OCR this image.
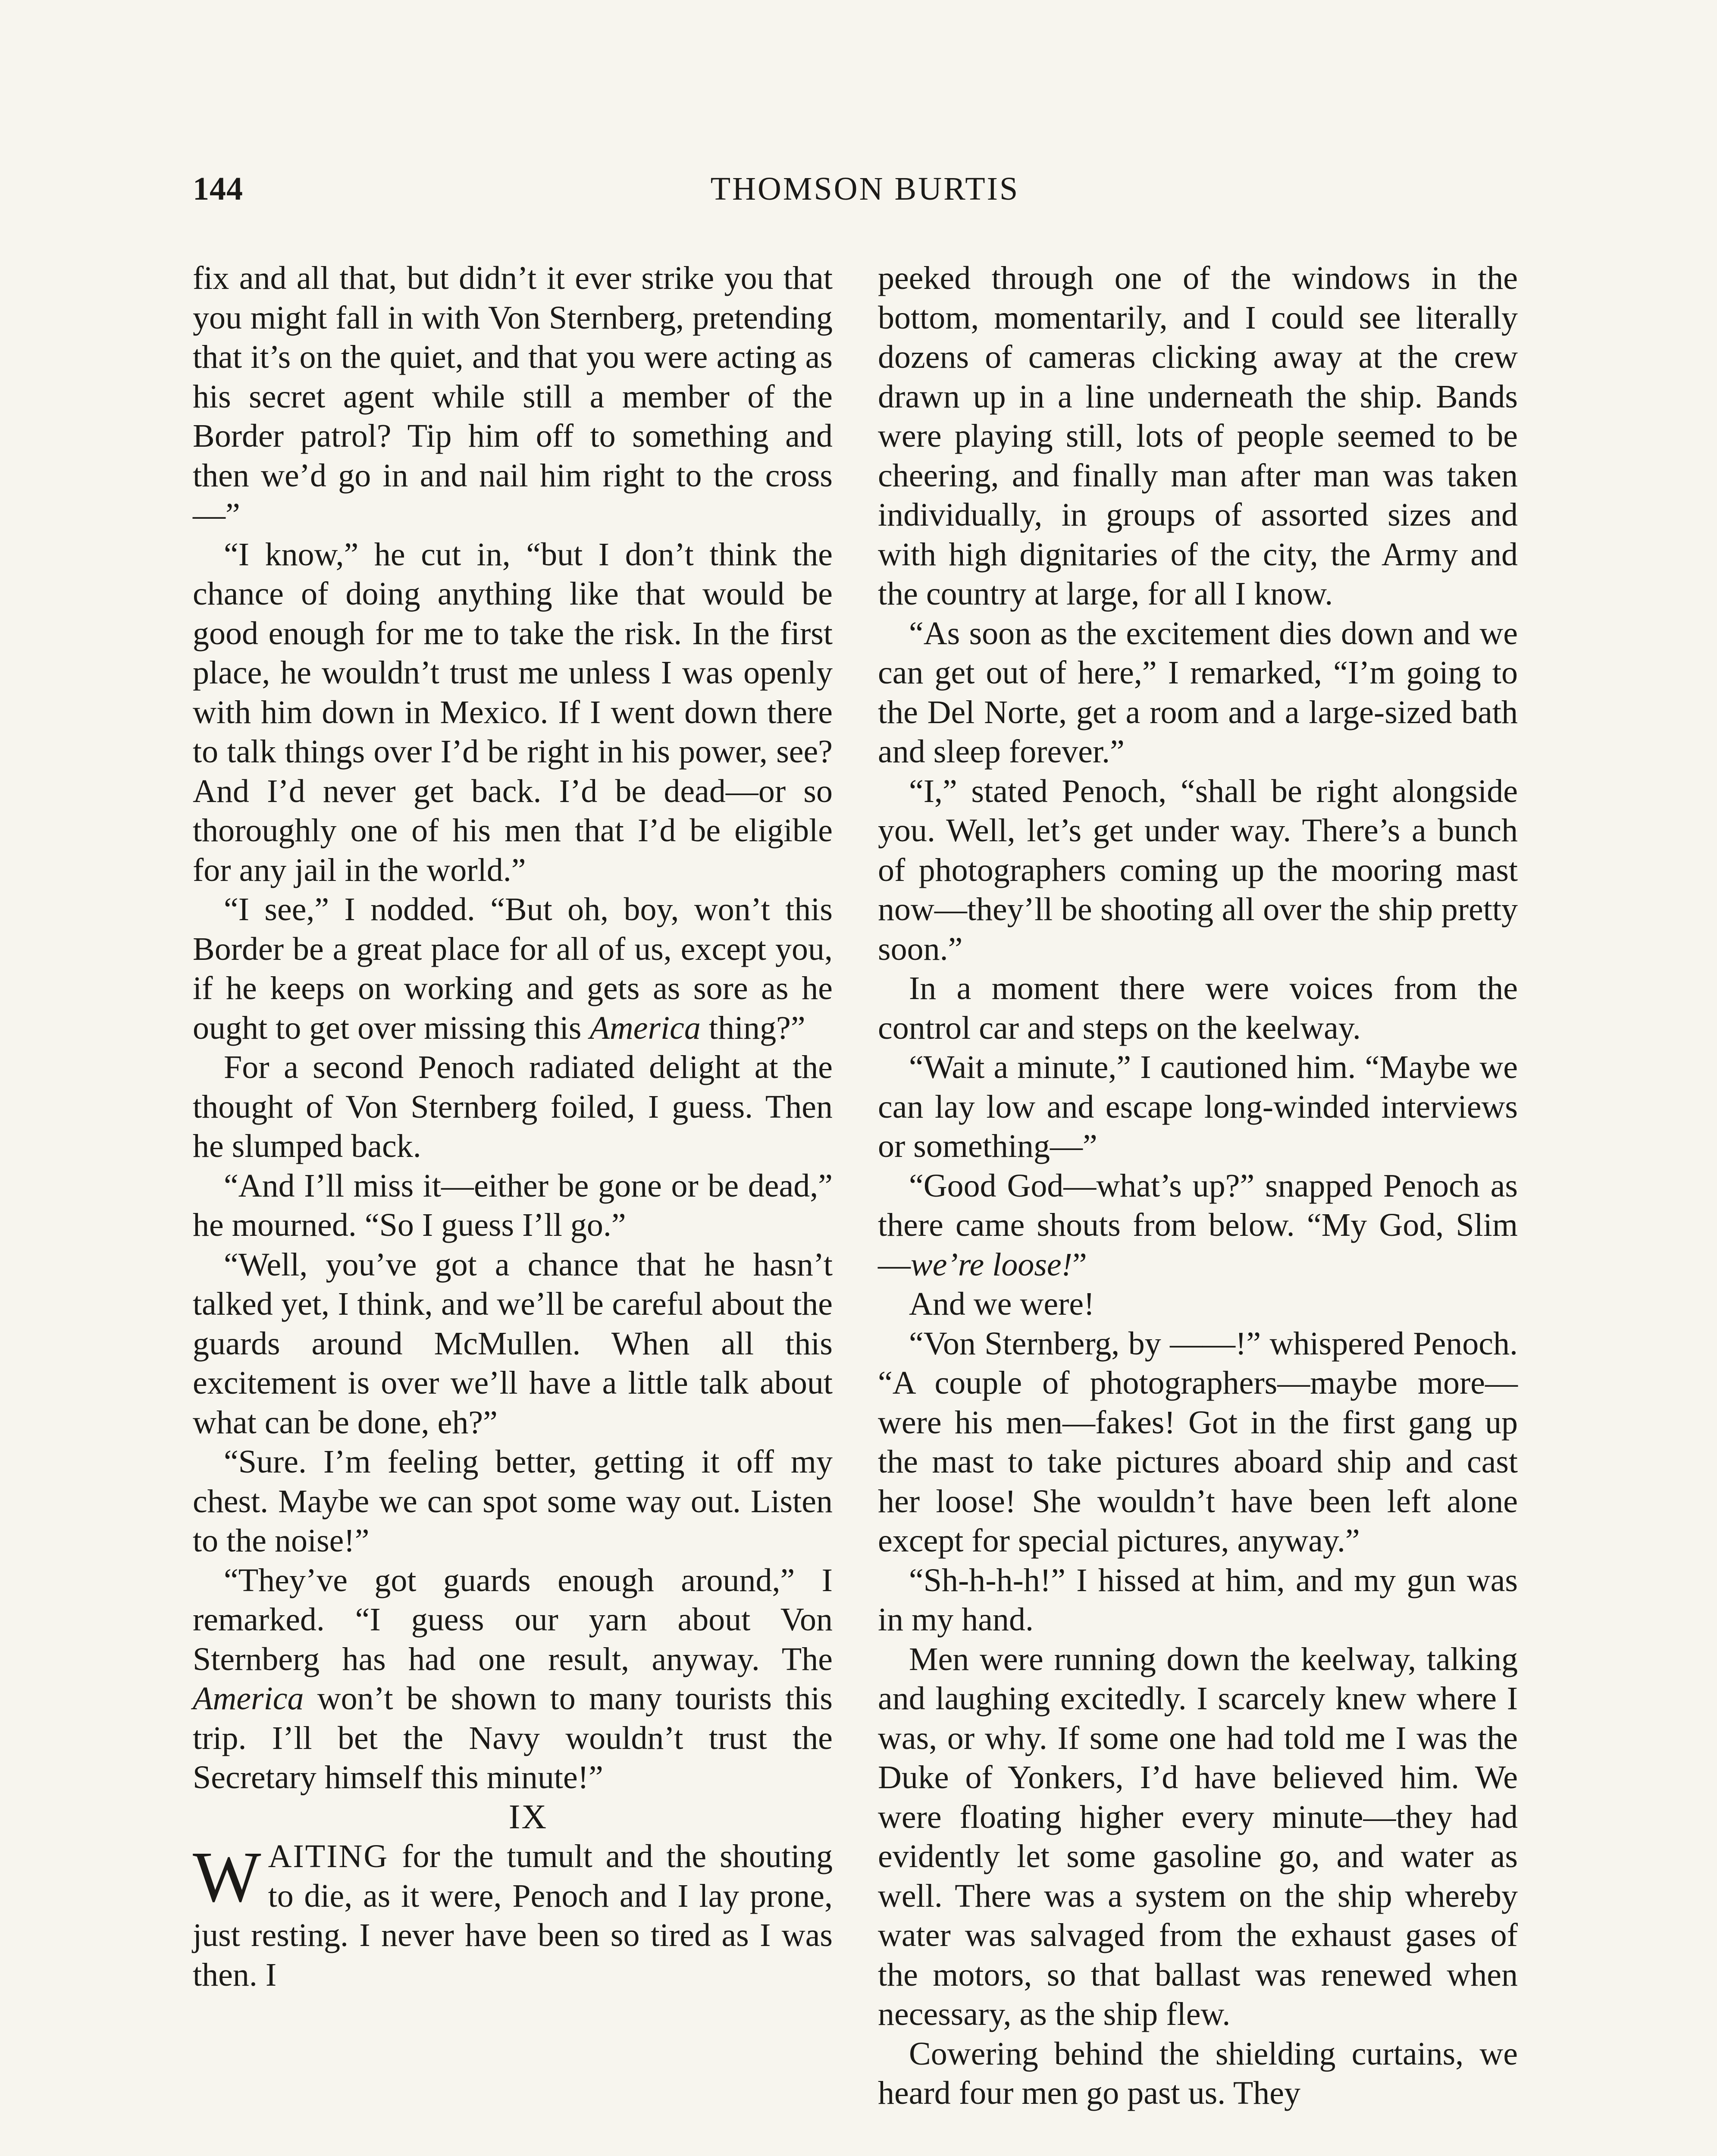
144	THOMSON BURTIS

fix and all that, but didn’t it ever strike you that you might fall in with Von Sternberg, pretending that it’s on the quiet, and that you were acting as his secret agent while still a member of the Border patrol? Tip him off to something and then we’d go in and nail him right to the cross—”

“I know,” he cut in, “but I don’t think the chance of doing anything like that would be good enough for me to take the risk. In the first place, he wouldn’t trust me unless I was openly with him down in Mexico. If I went down there to talk things over I’d be right in his power, see? And I’d never get back. I’d be dead—or so thoroughly one of his men that I’d be eligible for any jail in the world.”

“I see,” I nodded. “But oh, boy, won’t this Border be a great place for all of us, except you, if he keeps on working and gets as sore as he ought to get over missing this America thing?”

For a second Penoch radiated delight at the thought of Von Sternberg foiled, I guess. Then he slumped back.

“And I’ll miss it—either be gone or be dead,” he mourned. “So I guess I’ll go.”

“Well, you’ve got a chance that he hasn’t talked yet, I think, and we’ll be careful about the guards around McMullen. When all this excitement is over we’ll have a little talk about what can be done, eh?”

“Sure. I’m feeling better, getting it off my chest. Maybe we can spot some way out. Listen to the noise!”

“They’ve got guards enough around,” I remarked. “I guess our yarn about Von Sternberg has had one result, anyway. The America won’t be shown to many tourists this trip. I’ll bet the Navy wouldn’t trust the Secretary himself this minute!”

IX

WAITING for the tumult and the shouting to die, as it were, Penoch and I lay prone, just resting. I never have been so tired as I was then. I

peeked through one of the windows in the bottom, momentarily, and I could see literally dozens of cameras clicking away at the crew drawn up in a line underneath the ship. Bands were playing still, lots of people seemed to be cheering, and finally man after man was taken individually, in groups of assorted sizes and with high dignitaries of the city, the Army and the country at large, for all I know.

“As soon as the excitement dies down and we can get out of here,” I remarked, “I’m going to the Del Norte, get a room and a large-sized bath and sleep forever.”

“I,” stated Penoch, “shall be right alongside you. Well, let’s get under way. There’s a bunch of photographers coming up the mooring mast now—they’ll be shooting all over the ship pretty soon.”

In a moment there were voices from the control car and steps on the keelway.

“Wait a minute,” I cautioned him. “Maybe we can lay low and escape long-winded interviews or something—”

“Good God—what’s up?” snapped Penoch as there came shouts from below. “My God, Slim—we’re loose!”

And we were!

“Von Sternberg, by ——!” whispered Penoch. “A couple of photographers—maybe more—were his men—fakes! Got in the first gang up the mast to take pictures aboard ship and cast her loose! She wouldn’t have been left alone except for special pictures, anyway.”

“Sh-h-h-h!” I hissed at him, and my gun was in my hand.

Men were running down the keelway, talking and laughing excitedly. I scarcely knew where I was, or why. If some one had told me I was the Duke of Yonkers, I’d have believed him. We were floating higher every minute—they had evidently let some gasoline go, and water as well. There was a system on the ship whereby water was salvaged from the exhaust gases of the motors, so that ballast was renewed when necessary, as the ship flew.

Cowering behind the shielding curtains, we heard four men go past us. They
